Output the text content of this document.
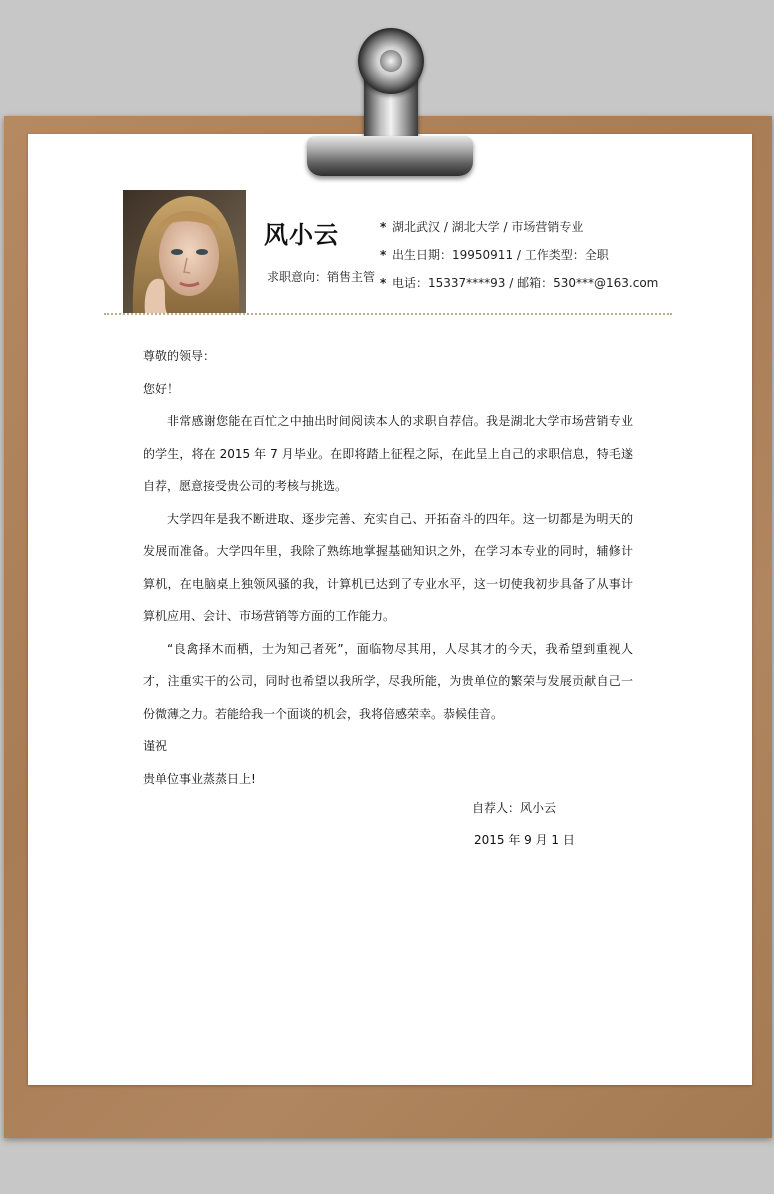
风小云
求职意向：销售主管
* 湖北武汉 / 湖北大学 / 市场营销专业
* 出生日期：19950911 / 工作类型：全职
* 电话：15337****93 / 邮箱：530***@163.com

尊敬的领导：

您好！

非常感谢您能在百忙之中抽出时间阅读本人的求职自荐信。我是湖北大学市场营销专业的学生，将在 2015 年 7 月毕业。在即将踏上征程之际，在此呈上自己的求职信息，特毛遂自荐，愿意接受贵公司的考核与挑选。

大学四年是我不断进取、逐步完善、充实自己、开拓奋斗的四年。这一切都是为明天的发展而准备。大学四年里，我除了熟练地掌握基础知识之外，在学习本专业的同时，辅修计算机，在电脑桌上独领风骚的我，计算机已达到了专业水平，这一切使我初步具备了从事计算机应用、会计、市场营销等方面的工作能力。

“良禽择木而栖，士为知己者死”，面临物尽其用，人尽其才的今天，我希望到重视人才，注重实干的公司，同时也希望以我所学，尽我所能，为贵单位的繁荣与发展贡献自己一份微薄之力。若能给我一个面谈的机会，我将倍感荣幸。恭候佳音。

谨祝

贵单位事业蒸蒸日上!

自荐人：风小云
2015 年 9 月 1 日
